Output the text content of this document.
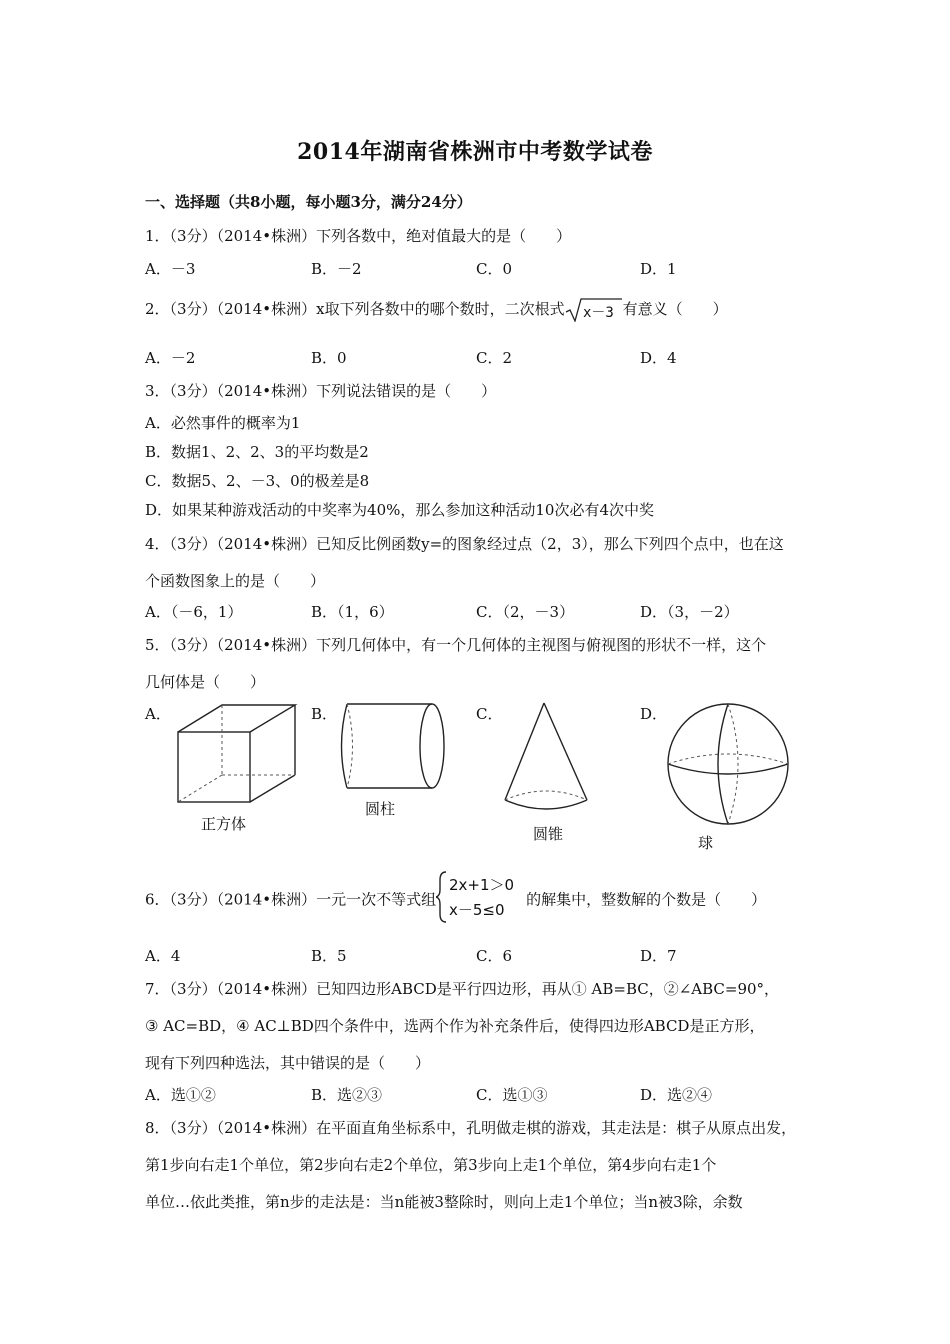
2014年湖南省株洲市中考数学试卷
一、选择题（共8小题，每小题3分，满分24分）
1．（3分）（2014•株洲）下列各数中，绝对值最大的是（　　）
A．－3	B．－2	C．0	D．1
2．（3分）（2014•株洲）x取下列各数中的哪个数时，二次根式 x－3 有意义（　　）
A．－2	B．0	C．2	D．4
3．（3分）（2014•株洲）下列说法错误的是（　　）
A．必然事件的概率为1
B．数据1、2、2、3的平均数是2
C．数据5、2、－3、0的极差是8
D．如果某种游戏活动的中奖率为40%，那么参加这种活动10次必有4次中奖
4．（3分）（2014•株洲）已知反比例函数y=的图象经过点（2，3），那么下列四个点中，也在这
个函数图象上的是（　　）
A．（－6，1）	B．（1，6）	C．（2，－3）	D．（3，－2）
5．（3分）（2014•株洲）下列几何体中，有一个几何体的主视图与俯视图的形状不一样，这个
几何体是（　　）
A．	B．	C．	D．
正方体
圆柱
圆锥	球
6．（3分）（2014•株洲）一元一次不等式组
2x+1＞0
x－5≤0
的解集中，整数解的个数是（　　）
A．4	B．5	C．6	D．7
7．（3分）（2014•株洲）已知四边形ABCD是平行四边形，再从① AB=BC，②∠ABC=90°，
③ AC=BD，④ AC⊥BD四个条件中，选两个作为补充条件后，使得四边形ABCD是正方形，
现有下列四种选法，其中错误的是（　　）
A．选①②	B．选②③	C．选①③	D．选②④
8．（3分）（2014•株洲）在平面直角坐标系中，孔明做走棋的游戏，其走法是：棋子从原点出发，
第1步向右走1个单位，第2步向右走2个单位，第3步向上走1个单位，第4步向右走1个
单位…依此类推，第n步的走法是：当n能被3整除时，则向上走1个单位；当n被3除，余数
